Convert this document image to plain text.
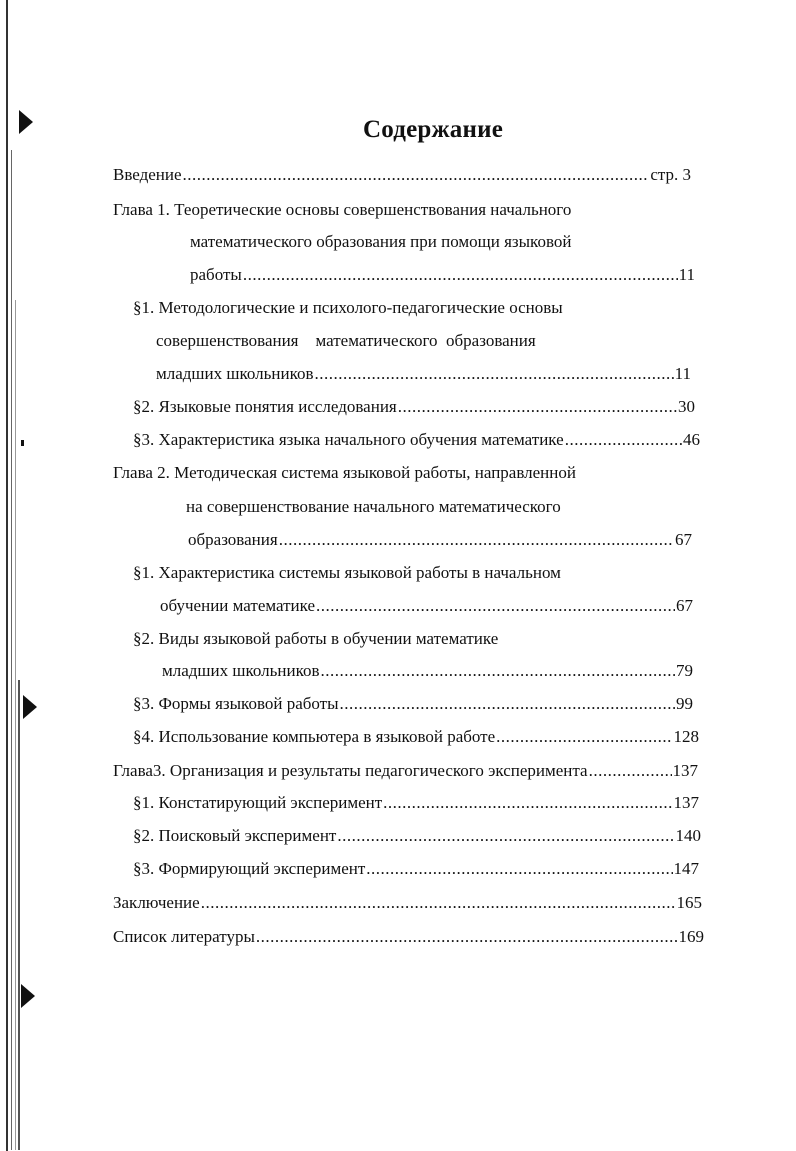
Содержание
Введение .....	стр. 3
Глава 1. Теоретические основы совершенствования начального
математического образования при помощи языковой
работы .....	11
§1. Методологические и психолого-педагогические основы
совершенствования    математического  образования
младших школьников .....	11
§2. Языковые понятия исследования .....	30
§3. Характеристика языка начального обучения математике .....	46
Глава 2. Методическая система языковой работы, направленной
на совершенствование начального математического
образования .....	67
§1. Характеристика системы языковой работы в начальном
обучении математике .....	67
§2. Виды языковой работы в обучении математике
младших школьников .....	79
§3. Формы языковой работы .....	99
§4. Использование компьютера в языковой работе .....	128
Глава3. Организация и результаты педагогического эксперимента .....	137
§1. Констатирующий эксперимент .....	137
§2. Поисковый эксперимент .....	140
§3. Формирующий эксперимент .....	147
Заключение .....	165
Список литературы .....	169
